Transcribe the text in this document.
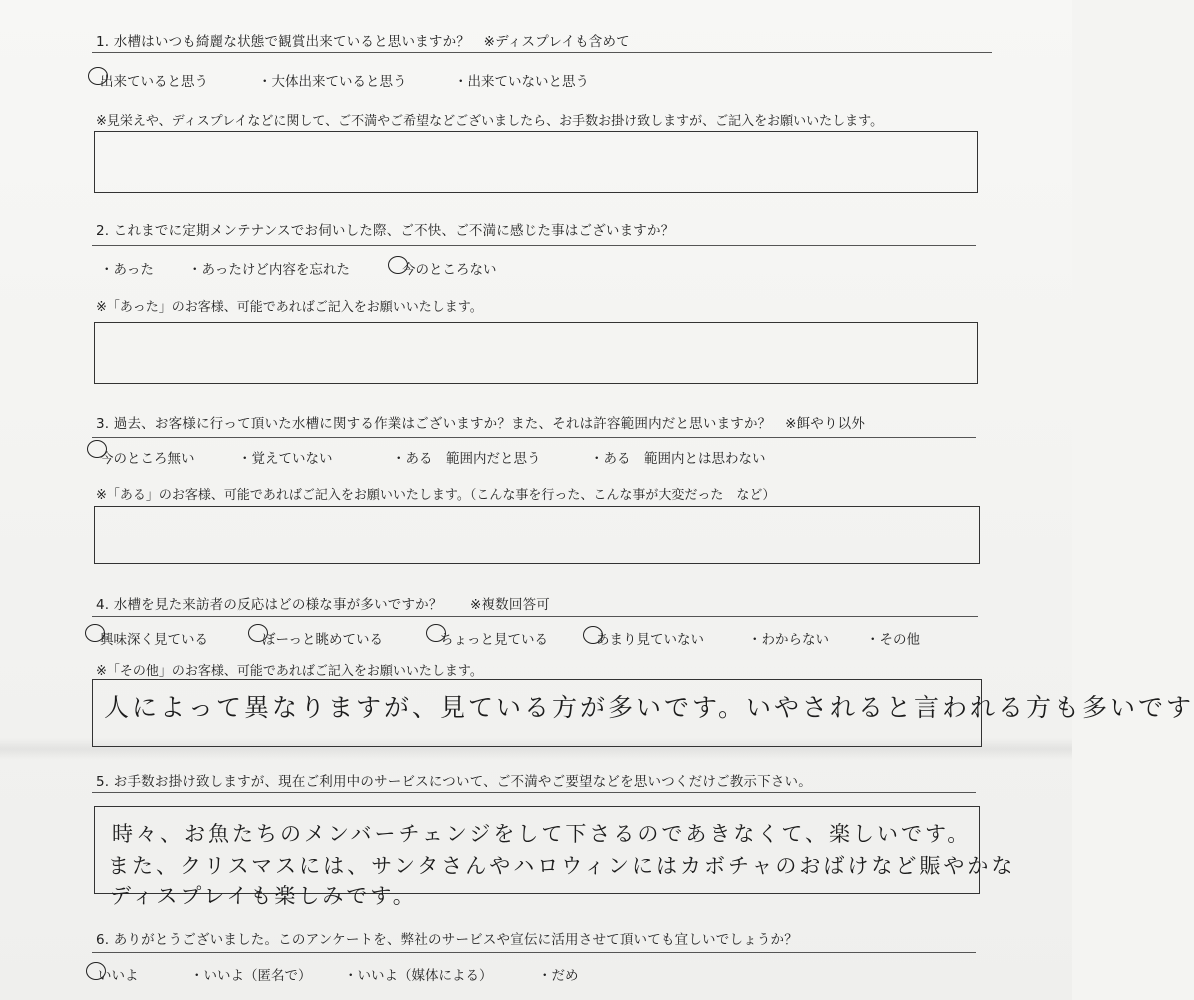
1. 水槽はいつも綺麗な状態で観賞出来ていると思いますか？　※ディスプレイも含めて
出来ていると思う	・大体出来ていると思う	・出来ていないと思う
※見栄えや、ディスプレイなどに関して、ご不満やご希望などございましたら、お手数お掛け致しますが、ご記入をお願いいたします。
2. これまでに定期メンテナンスでお伺いした際、ご不快、ご不満に感じた事はございますか？
・あった	・あったけど内容を忘れた	今のところない
※「あった」のお客様、可能であればご記入をお願いいたします。
3. 過去、お客様に行って頂いた水槽に関する作業はございますか？また、それは許容範囲内だと思いますか？　※餌やり以外
今のところ無い	・覚えていない	・ある　範囲内だと思う	・ある　範囲内とは思わない
※「ある」のお客様、可能であればご記入をお願いいたします。（こんな事を行った、こんな事が大変だった　など）
4. 水槽を見た来訪者の反応はどの様な事が多いですか？　　※複数回答可
興味深く見ている	ぼーっと眺めている	ちょっと見ている	あまり見ていない	・わからない	・その他
※「その他」のお客様、可能であればご記入をお願いいたします。
人によって異なりますが、見ている方が多いです。いやされると言われる方も多いです
5. お手数お掛け致しますが、現在ご利用中のサービスについて、ご不満やご要望などを思いつくだけご教示下さい。
時々、お魚たちのメンバーチェンジをして下さるのであきなくて、楽しいです。
また、クリスマスには、サンタさんやハロウィンにはカボチャのおばけなど賑やかな
ディスプレイも楽しみです。
6. ありがとうございました。このアンケートを、弊社のサービスや宣伝に活用させて頂いても宜しいでしょうか？
いいよ	・いいよ（匿名で） ・いいよ（媒体による）	・だめ
